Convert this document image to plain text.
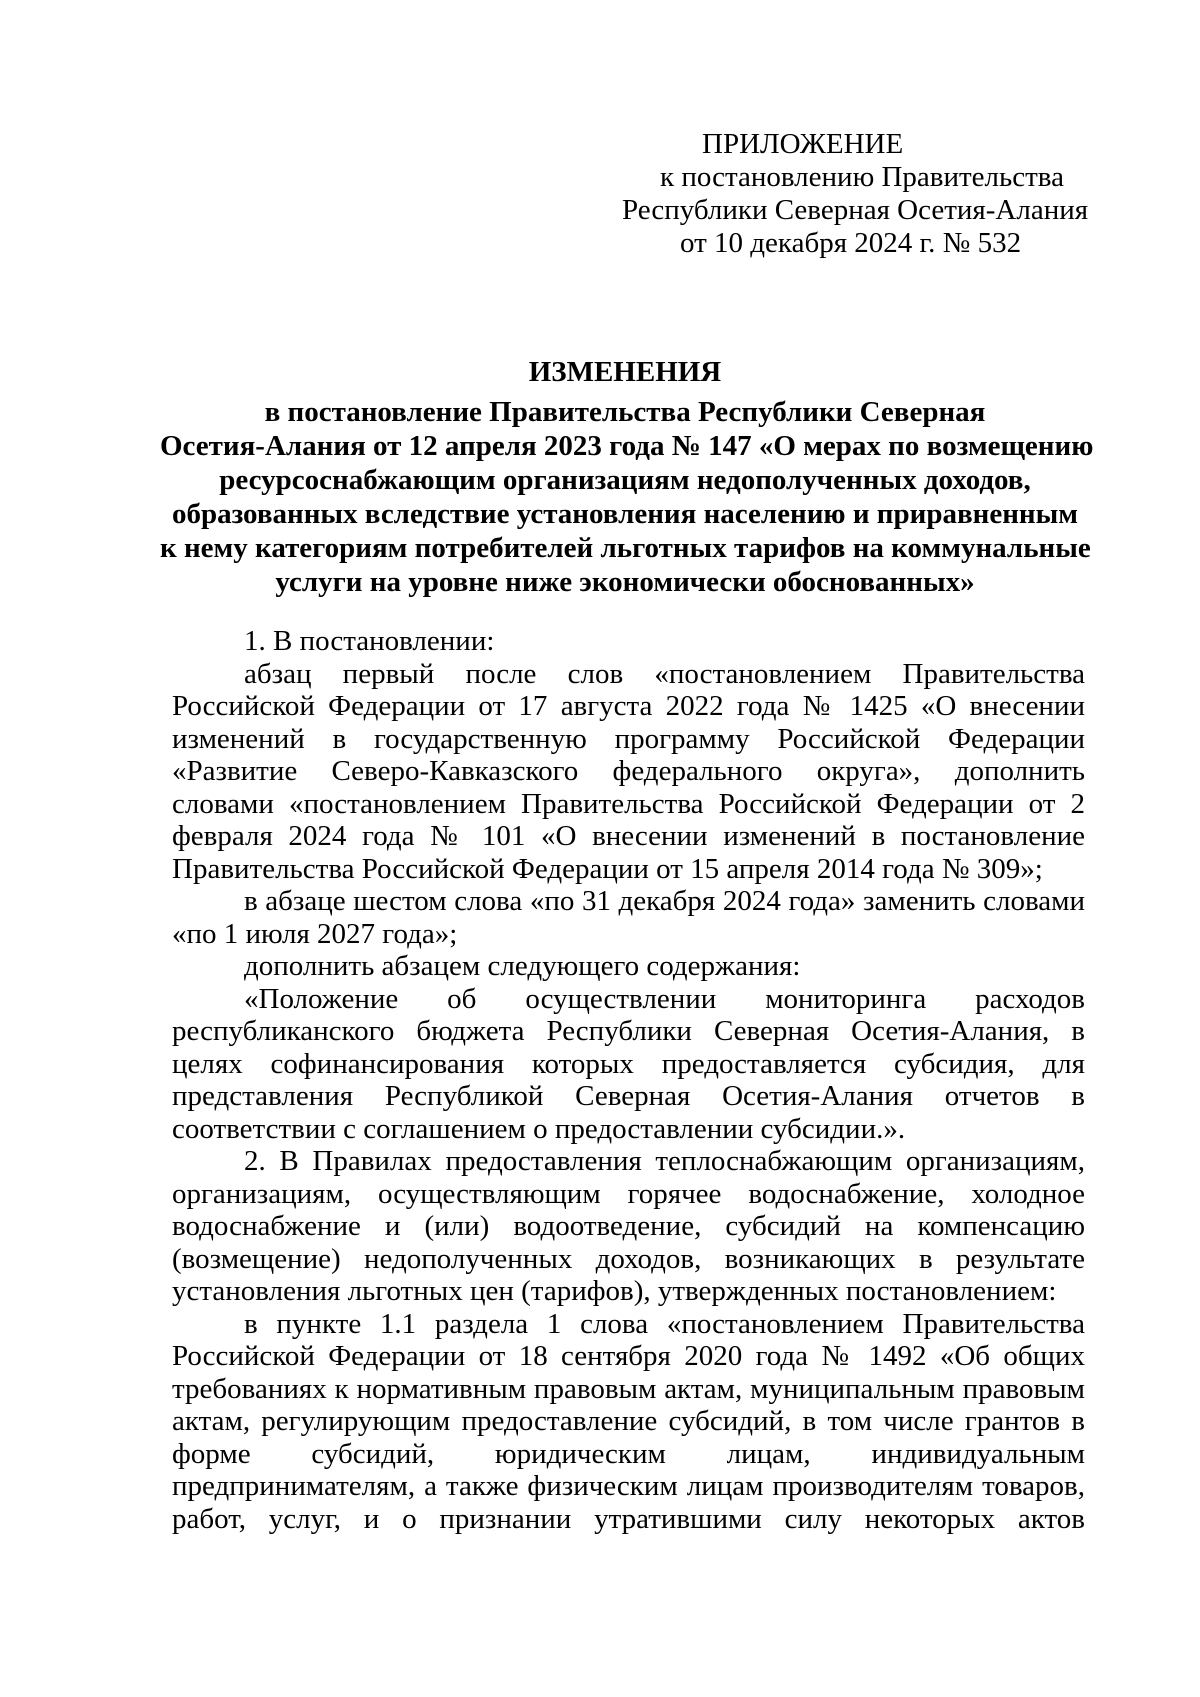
ПРИЛОЖЕНИЕ
к постановлению Правительства
Республики Северная Осетия-Алания
от 10 декабря 2024 г. № 532
ИЗМЕНЕНИЯ
в постановление Правительства Республики Северная
Осетия-Алания от 12 апреля 2023 года № 147 «О мерах по возмещению
ресурсоснабжающим организациям недополученных доходов,
образованных вследствие установления населению и приравненным
к нему категориям потребителей льготных тарифов на коммунальные
услуги на уровне ниже экономически обоснованных»

1. В постановлении:

абзац первый после слов «постановлением Правительства Российской Федерации от 17 августа 2022 года № 1425 «О внесении изменений в государственную программу Российской Федерации «Развитие Северо-Кавказского федерального округа», дополнить словами «постановлением Правительства Российской Федерации от 2 февраля 2024 года № 101 «О внесении изменений в постановление Правительства Российской Федерации от 15 апреля 2014 года № 309»;

в абзаце шестом слова «по 31 декабря 2024 года» заменить словами «по 1 июля 2027 года»;

дополнить абзацем следующего содержания:

«Положение об осуществлении мониторинга расходов республиканского бюджета Республики Северная Осетия-Алания, в целях софинансирования которых предоставляется субсидия, для представления Республикой Северная Осетия-Алания отчетов в соответствии с соглашением о предоставлении субсидии.».

2. В Правилах предоставления теплоснабжающим организациям, организациям, осуществляющим горячее водоснабжение, холодное водоснабжение и (или) водоотведение, субсидий на компенсацию (возмещение) недополученных доходов, возникающих в результате установления льготных цен (тарифов), утвержденных постановлением:

в пункте 1.1 раздела 1 слова «постановлением Правительства Российской Федерации от 18 сентября 2020 года № 1492 «Об общих требованиях к нормативным правовым актам, муниципальным правовым актам, регулирующим предоставление субсидий, в том числе грантов в форме субсидий, юридическим лицам, индивидуальным предпринимателям, а также физическим лицам производителям товаров, работ, услуг, и о признании утратившими силу некоторых актов
